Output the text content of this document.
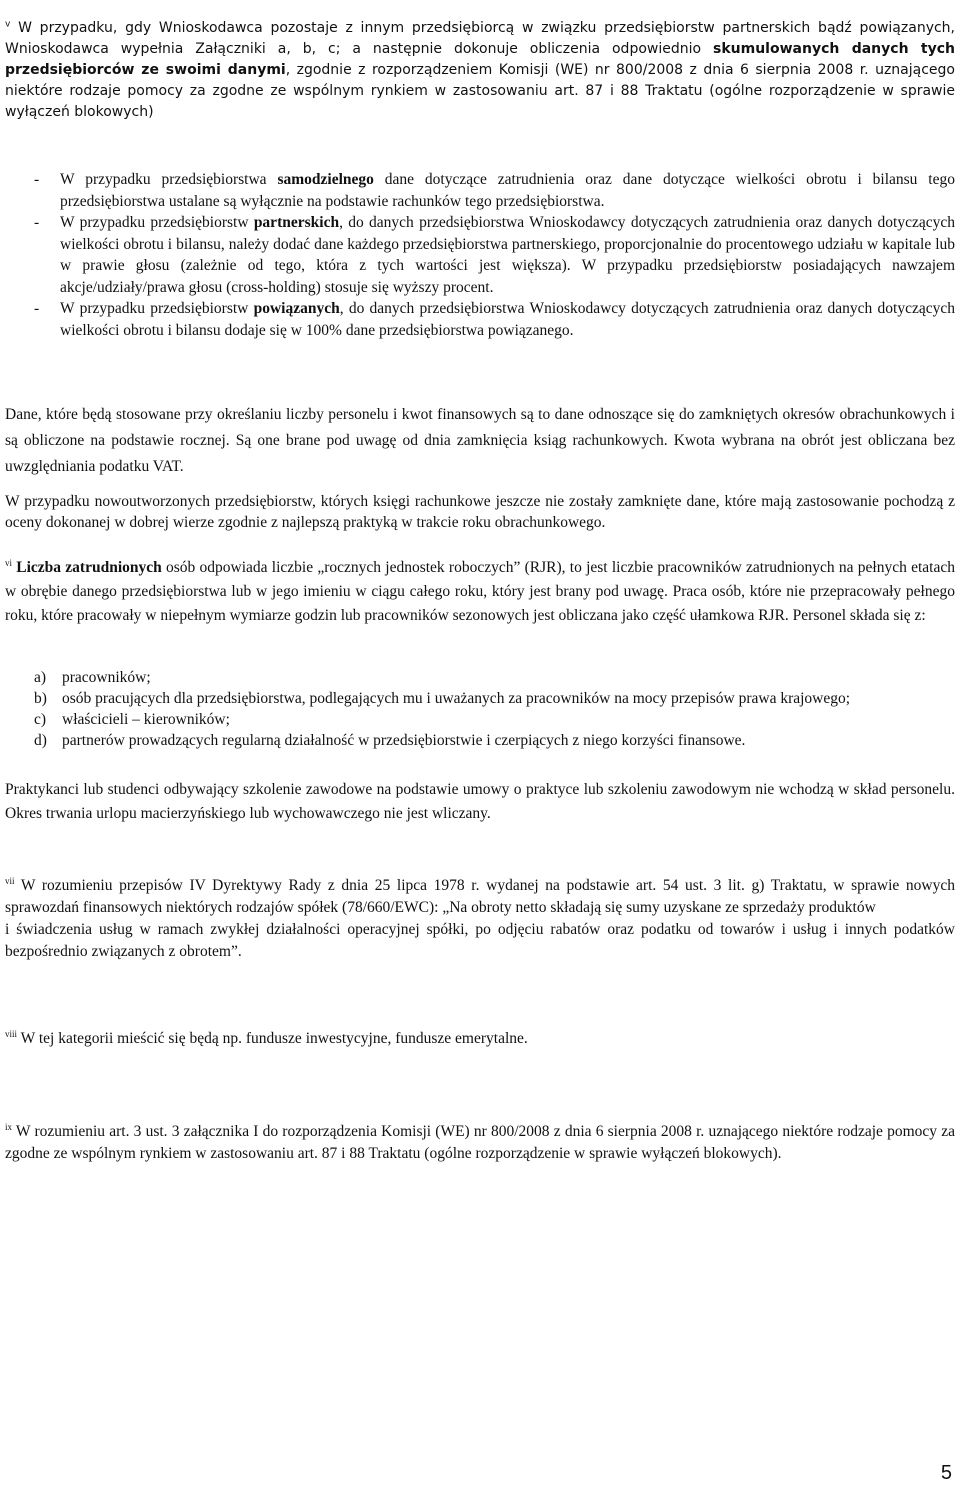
$^v$ W przypadku, gdy Wnioskodawca pozostaje z innym przedsiębiorcą w związku przedsiębiorstw partnerskich bądź powiązanych, Wnioskodawca wypełnia Załączniki a, b, c; a następnie dokonuje obliczenia odpowiednio skumulowanych danych tych przedsiębiorców ze swoimi danymi, zgodnie z rozporządzeniem Komisji (WE) nr 800/2008 z dnia 6 sierpnia 2008 r. uznającego niektóre rodzaje pomocy za zgodne ze wspólnym rynkiem w zastosowaniu art. 87 i 88 Traktatu (ogólne rozporządzenie w sprawie wyłączeń blokowych)

- W przypadku przedsiębiorstwa samodzielnego dane dotyczące zatrudnienia oraz dane dotyczące wielkości obrotu i bilansu tego przedsiębiorstwa ustalane są wyłącznie na podstawie rachunków tego przedsiębiorstwa.
- W przypadku przedsiębiorstw partnerskich, do danych przedsiębiorstwa Wnioskodawcy dotyczących zatrudnienia oraz danych dotyczących wielkości obrotu i bilansu, należy dodać dane każdego przedsiębiorstwa partnerskiego, proporcjonalnie do procentowego udziału w kapitale lub w prawie głosu (zależnie od tego, która z tych wartości jest większa). W przypadku przedsiębiorstw posiadających nawzajem akcje/udziały/prawa głosu (cross-holding) stosuje się wyższy procent.
- W przypadku przedsiębiorstw powiązanych, do danych przedsiębiorstwa Wnioskodawcy dotyczących zatrudnienia oraz danych dotyczących wielkości obrotu i bilansu dodaje się w 100% dane przedsiębiorstwa powiązanego.

Dane, które będą stosowane przy określaniu liczby personelu i kwot finansowych są to dane odnoszące się do zamkniętych okresów obrachunkowych i są obliczone na podstawie rocznej. Są one brane pod uwagę od dnia zamknięcia ksiąg rachunkowych. Kwota wybrana na obrót jest obliczana bez uwzględniania podatku VAT.

W przypadku nowoutworzonych przedsiębiorstw, których księgi rachunkowe jeszcze nie zostały zamknięte dane, które mają zastosowanie pochodzą z oceny dokonanej w dobrej wierze zgodnie z najlepszą praktyką w trakcie roku obrachunkowego.

$^{vi}$ Liczba zatrudnionych osób odpowiada liczbie „rocznych jednostek roboczych” (RJR), to jest liczbie pracowników zatrudnionych na pełnych etatach w obrębie danego przedsiębiorstwa lub w jego imieniu w ciągu całego roku, który jest brany pod uwagę. Praca osób, które nie przepracowały pełnego roku, które pracowały w niepełnym wymiarze godzin lub pracowników sezonowych jest obliczana jako część ułamkowa RJR. Personel składa się z:

a) pracowników;
b) osób pracujących dla przedsiębiorstwa, podlegających mu i uważanych za pracowników na mocy przepisów prawa krajowego;
c) właścicieli – kierowników;
d) partnerów prowadzących regularną działalność w przedsiębiorstwie i czerpiących z niego korzyści finansowe.

Praktykanci lub studenci odbywający szkolenie zawodowe na podstawie umowy o praktyce lub szkoleniu zawodowym nie wchodzą w skład personelu. Okres trwania urlopu macierzyńskiego lub wychowawczego nie jest wliczany.

$^{vii}$ W rozumieniu przepisów IV Dyrektywy Rady z dnia 25 lipca 1978 r. wydanej na podstawie art. 54 ust. 3 lit. g) Traktatu, w sprawie nowych sprawozdań finansowych niektórych rodzajów spółek (78/660/EWC): „Na obroty netto składają się sumy uzyskane ze sprzedaży produktów
i świadczenia usług w ramach zwykłej działalności operacyjnej spółki, po odjęciu rabatów oraz podatku od towarów i usług i innych podatków bezpośrednio związanych z obrotem”.

$^{viii}$ W tej kategorii mieścić się będą np. fundusze inwestycyjne, fundusze emerytalne.

$^{ix}$ W rozumieniu art. 3 ust. 3 załącznika I do rozporządzenia Komisji (WE) nr 800/2008 z dnia 6 sierpnia 2008 r. uznającego niektóre rodzaje pomocy za zgodne ze wspólnym rynkiem w zastosowaniu art. 87 i 88 Traktatu (ogólne rozporządzenie w sprawie wyłączeń blokowych).

5
